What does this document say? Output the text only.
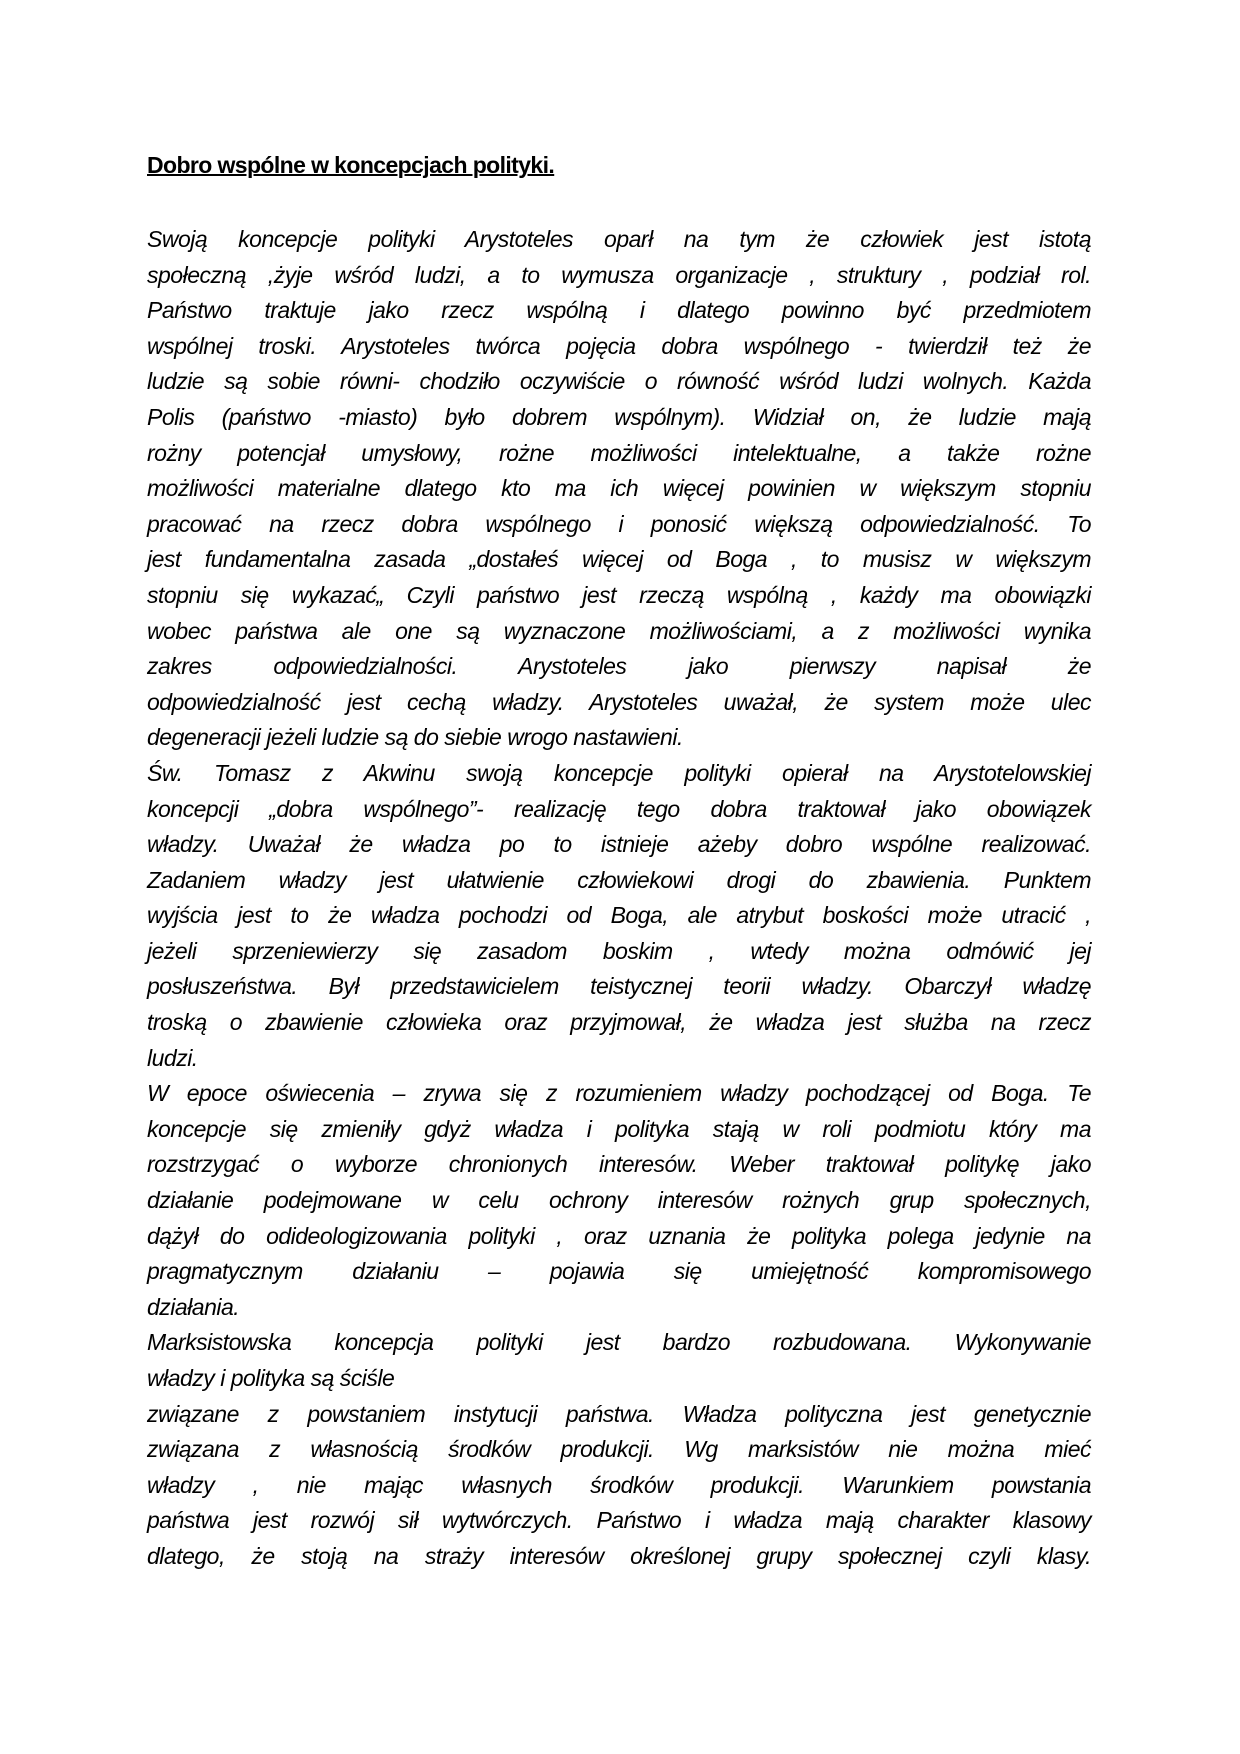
Dobro wspólne w koncepcjach polityki.
Swoją koncepcje polityki Arystoteles oparł na tym że człowiek jest istotą
społeczną ,żyje wśród ludzi, a to wymusza organizacje , struktury , podział rol.
Państwo traktuje jako rzecz wspólną i dlatego powinno być przedmiotem
wspólnej troski. Arystoteles twórca pojęcia dobra wspólnego - twierdził też że
ludzie są sobie równi- chodziło oczywiście o równość wśród ludzi wolnych. Każda
Polis (państwo -miasto) było dobrem wspólnym). Widział on, że ludzie mają
rożny potencjał umysłowy, rożne możliwości intelektualne, a także rożne
możliwości materialne dlatego kto ma ich więcej powinien w większym stopniu
pracować na rzecz dobra wspólnego i ponosić większą odpowiedzialność. To
jest fundamentalna zasada „dostałeś więcej od Boga , to musisz w większym
stopniu się wykazać„ Czyli państwo jest rzeczą wspólną , każdy ma obowiązki
wobec państwa ale one są wyznaczone możliwościami, a z możliwości wynika
zakres odpowiedzialności. Arystoteles jako pierwszy napisał że
odpowiedzialność jest cechą władzy. Arystoteles uważał, że system może ulec
degeneracji jeżeli ludzie są do siebie wrogo nastawieni.
Św. Tomasz z Akwinu swoją koncepcje polityki opierał na Arystotelowskiej
koncepcji „dobra wspólnego”- realizację tego dobra traktował jako obowiązek
władzy. Uważał że władza po to istnieje ażeby dobro wspólne realizować.
Zadaniem władzy jest ułatwienie człowiekowi drogi do zbawienia. Punktem
wyjścia jest to że władza pochodzi od Boga, ale atrybut boskości może utracić ,
jeżeli sprzeniewierzy się zasadom boskim , wtedy można odmówić jej
posłuszeństwa. Był przedstawicielem teistycznej teorii władzy. Obarczył władzę
troską o zbawienie człowieka oraz przyjmował, że władza jest służba na rzecz
ludzi.
W epoce oświecenia – zrywa się z rozumieniem władzy pochodzącej od Boga. Te
koncepcje się zmieniły gdyż władza i polityka stają w roli podmiotu który ma
rozstrzygać o wyborze chronionych interesów. Weber traktował politykę jako
działanie podejmowane w celu ochrony interesów rożnych grup społecznych,
dążył do odideologizowania polityki , oraz uznania że polityka polega jedynie na
pragmatycznym działaniu – pojawia się umiejętność kompromisowego
działania.
Marksistowska koncepcja polityki jest bardzo rozbudowana. Wykonywanie
władzy i polityka są ściśle
związane z powstaniem instytucji państwa. Władza polityczna jest genetycznie
związana z własnością środków produkcji. Wg marksistów nie można mieć
władzy , nie mając własnych środków produkcji. Warunkiem powstania
państwa jest rozwój sił wytwórczych. Państwo i władza mają charakter klasowy
dlatego, że stoją na straży interesów określonej grupy społecznej czyli klasy.
